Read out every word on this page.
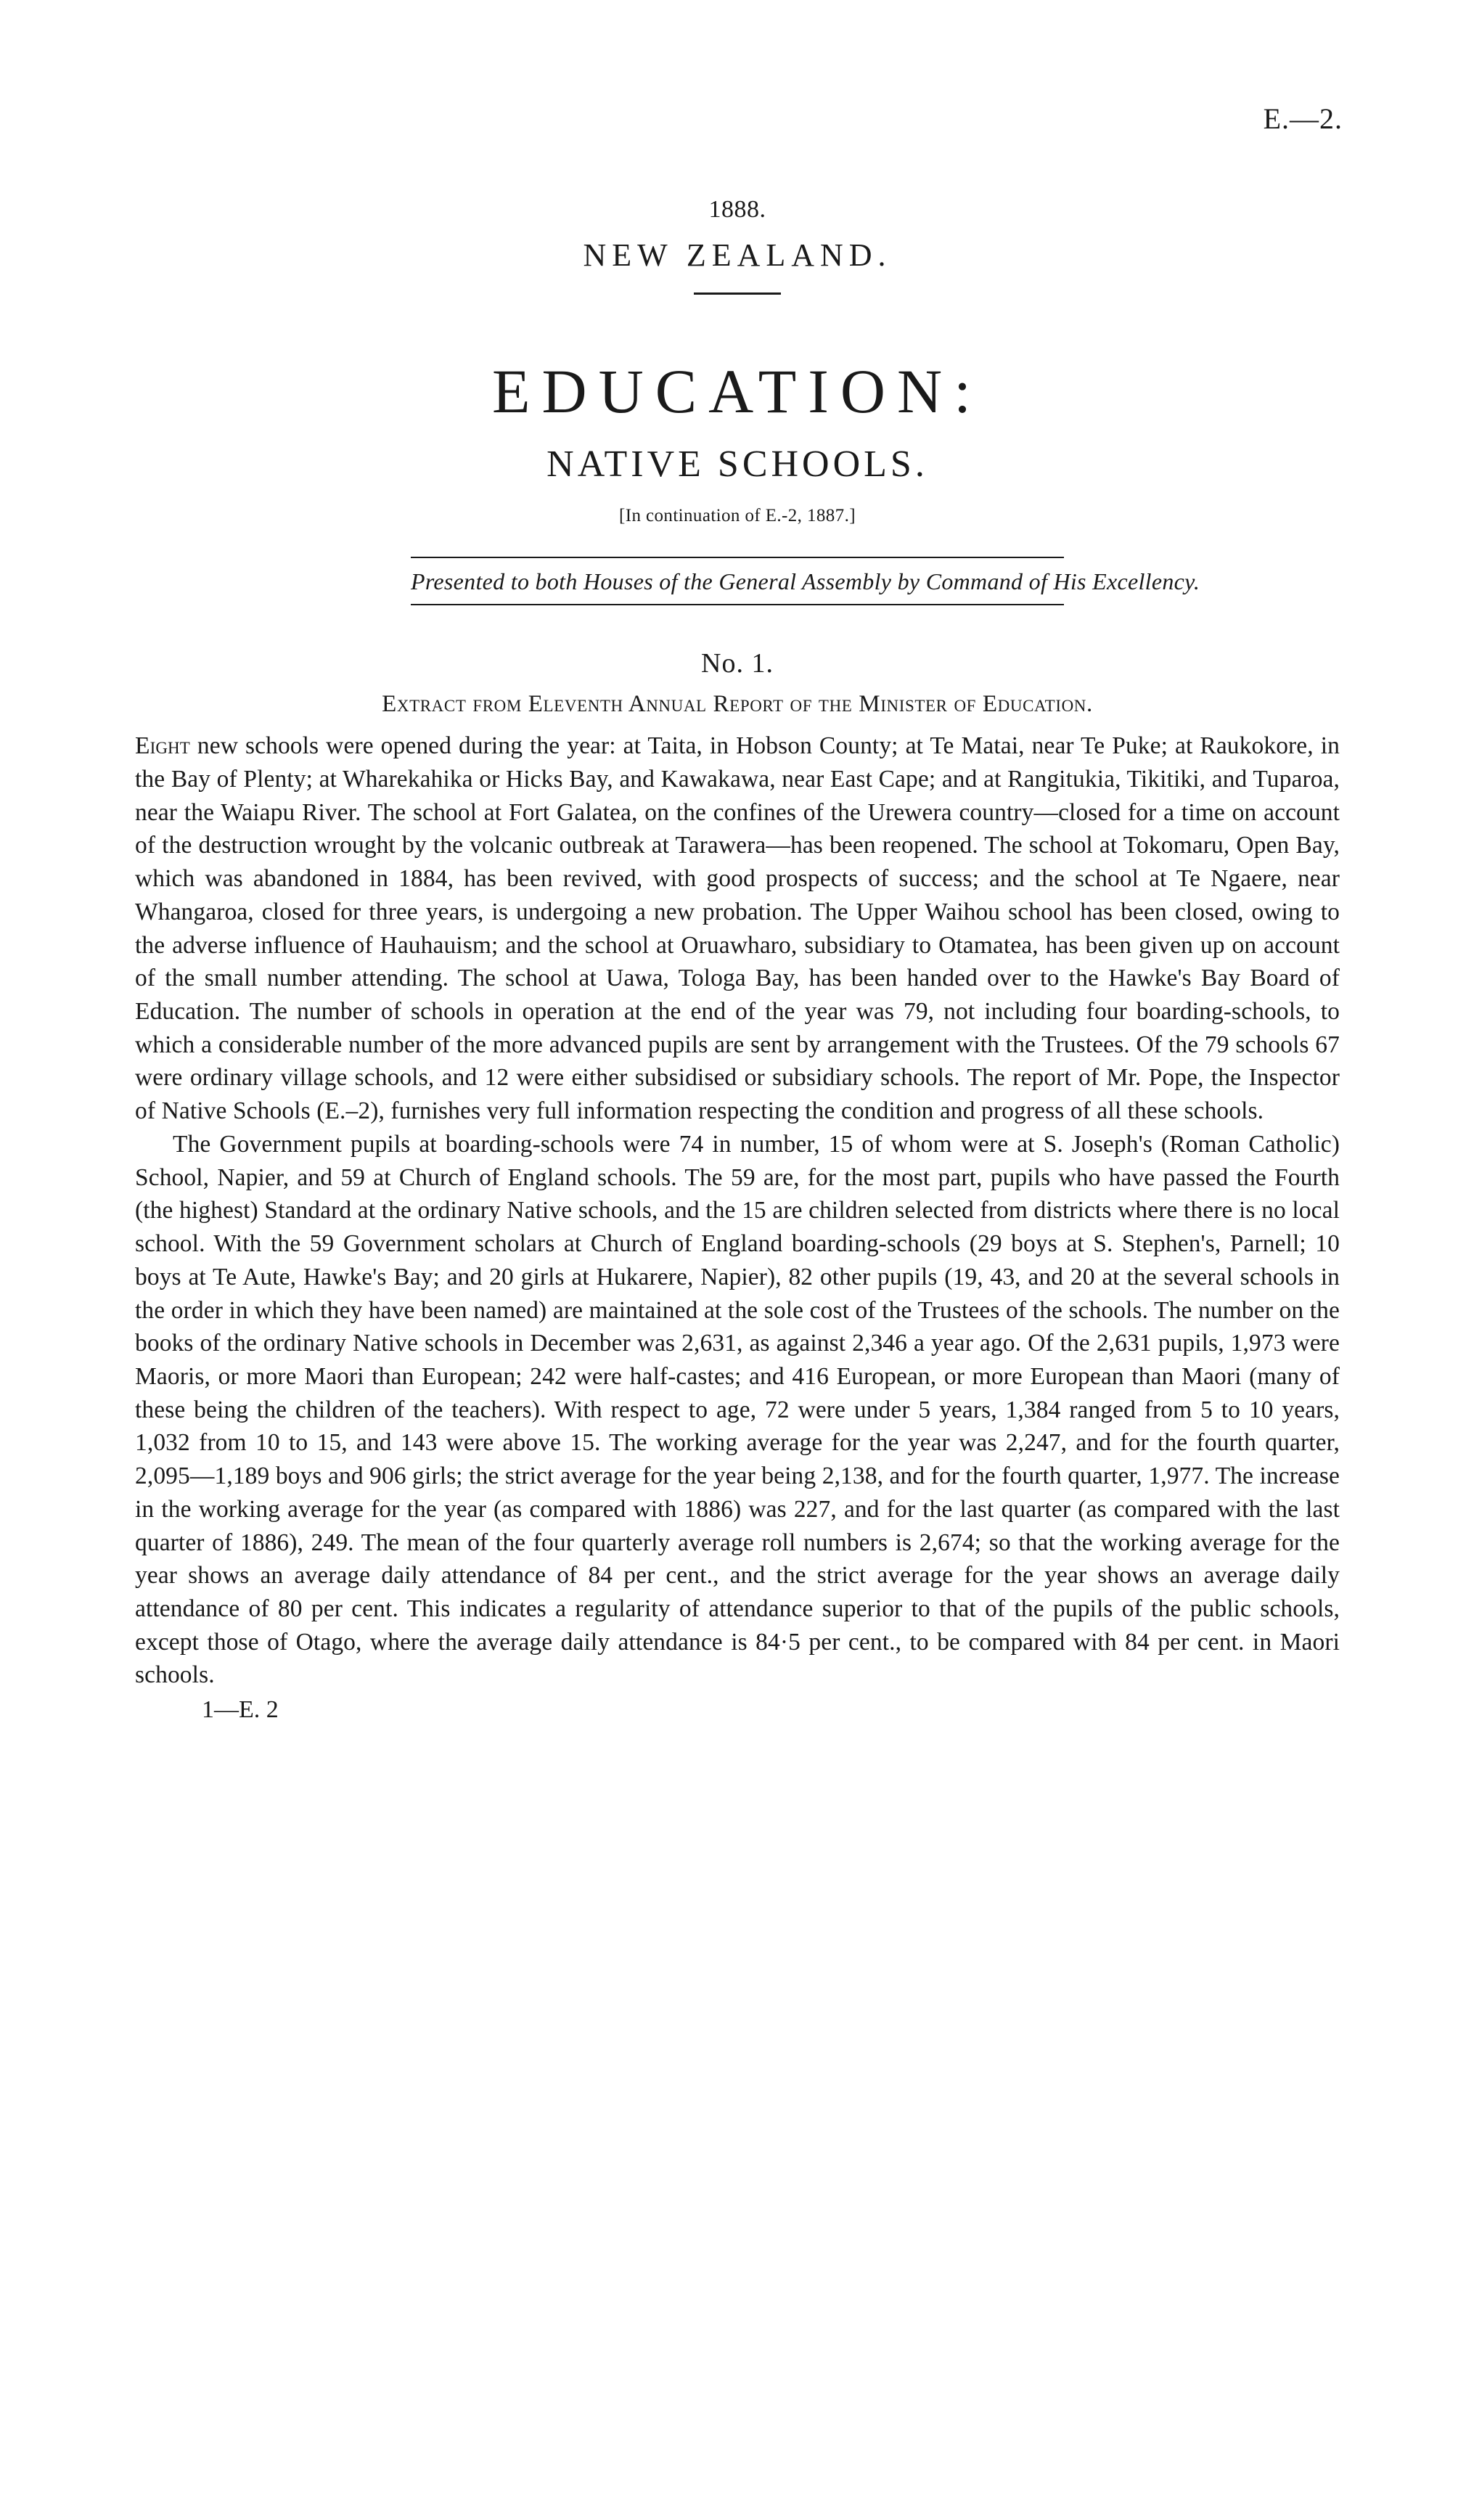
E.—2.
1888.
NEW ZEALAND.
EDUCATION:
NATIVE SCHOOLS.
[In continuation of E.-2, 1887.]
Presented to both Houses of the General Assembly by Command of His Excellency.
No. 1.
Extract from Eleventh Annual Report of the Minister of Education.

Eight new schools were opened during the year: at Taita, in Hobson County; at Te Matai, near Te Puke; at Raukokore, in the Bay of Plenty; at Wharekahika or Hicks Bay, and Kawakawa, near East Cape; and at Rangitukia, Tikitiki, and Tuparoa, near the Waiapu River. The school at Fort Galatea, on the confines of the Urewera country—closed for a time on account of the destruction wrought by the volcanic outbreak at Tarawera—has been reopened. The school at Tokomaru, Open Bay, which was abandoned in 1884, has been revived, with good prospects of success; and the school at Te Ngaere, near Whangaroa, closed for three years, is undergoing a new probation. The Upper Waihou school has been closed, owing to the adverse influence of Hauhauism; and the school at Oruawharo, subsidiary to Otamatea, has been given up on account of the small number attending. The school at Uawa, Tologa Bay, has been handed over to the Hawke's Bay Board of Education. The number of schools in operation at the end of the year was 79, not including four boarding-schools, to which a considerable number of the more advanced pupils are sent by arrangement with the Trustees. Of the 79 schools 67 were ordinary village schools, and 12 were either subsidised or subsidiary schools. The report of Mr. Pope, the Inspector of Native Schools (E.–2), furnishes very full information respecting the condition and progress of all these schools.

The Government pupils at boarding-schools were 74 in number, 15 of whom were at S. Joseph's (Roman Catholic) School, Napier, and 59 at Church of England schools. The 59 are, for the most part, pupils who have passed the Fourth (the highest) Standard at the ordinary Native schools, and the 15 are children selected from districts where there is no local school. With the 59 Government scholars at Church of England boarding-schools (29 boys at S. Stephen's, Parnell; 10 boys at Te Aute, Hawke's Bay; and 20 girls at Hukarere, Napier), 82 other pupils (19, 43, and 20 at the several schools in the order in which they have been named) are maintained at the sole cost of the Trustees of the schools. The number on the books of the ordinary Native schools in December was 2,631, as against 2,346 a year ago. Of the 2,631 pupils, 1,973 were Maoris, or more Maori than European; 242 were half-castes; and 416 European, or more European than Maori (many of these being the children of the teachers). With respect to age, 72 were under 5 years, 1,384 ranged from 5 to 10 years, 1,032 from 10 to 15, and 143 were above 15. The working average for the year was 2,247, and for the fourth quarter, 2,095—1,189 boys and 906 girls; the strict average for the year being 2,138, and for the fourth quarter, 1,977. The increase in the working average for the year (as compared with 1886) was 227, and for the last quarter (as compared with the last quarter of 1886), 249. The mean of the four quarterly average roll numbers is 2,674; so that the working average for the year shows an average daily attendance of 84 per cent., and the strict average for the year shows an average daily attendance of 80 per cent. This indicates a regularity of attendance superior to that of the pupils of the public schools, except those of Otago, where the average daily attendance is 84·5 per cent., to be compared with 84 per cent. in Maori schools.

1—E. 2
